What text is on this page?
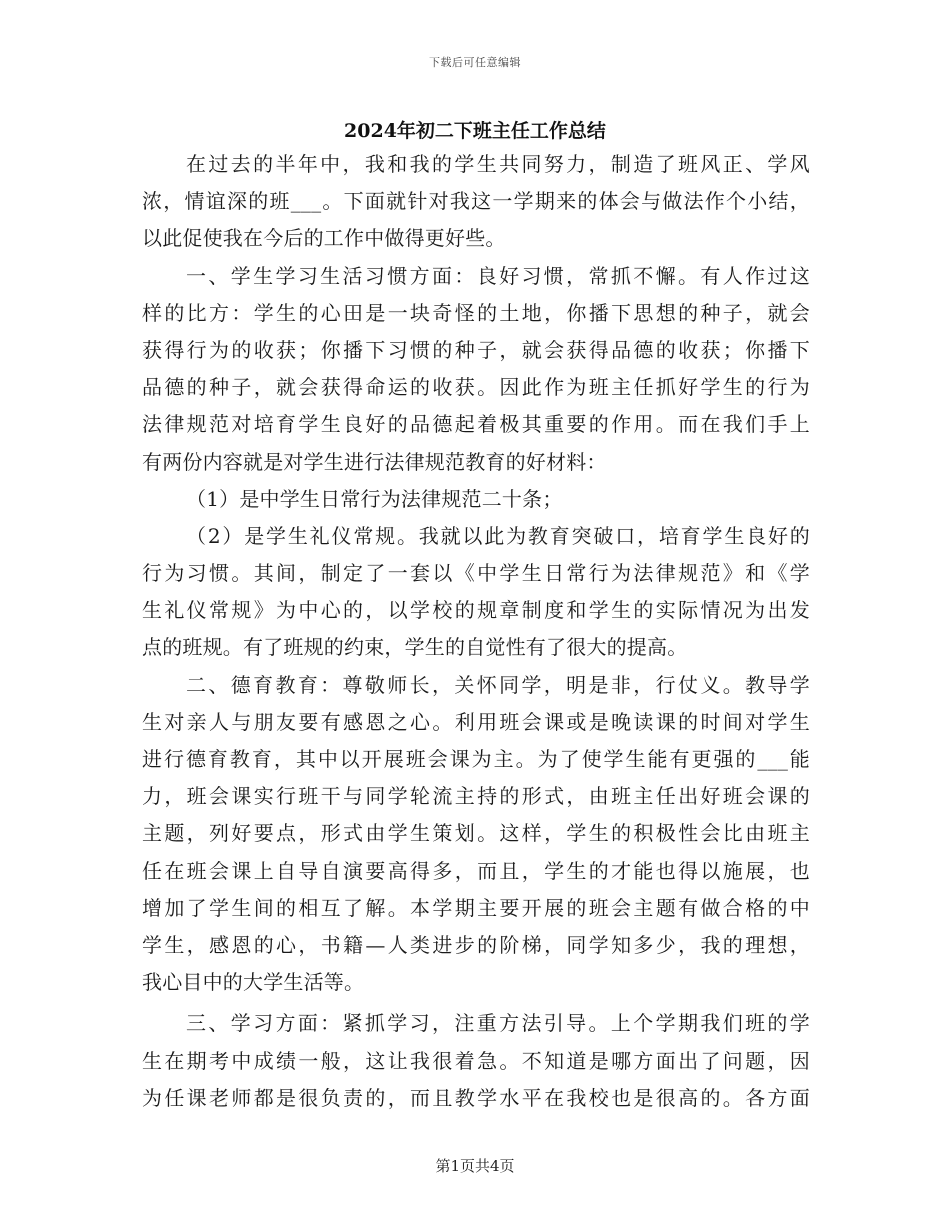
下载后可任意编辑
2024年初二下班主任工作总结
在过去的半年中，我和我的学生共同努力，制造了班风正、学风
浓，情谊深的班___。下面就针对我这一学期来的体会与做法作个小结，
以此促使我在今后的工作中做得更好些。
一、学生学习生活习惯方面：良好习惯，常抓不懈。有人作过这
样的比方：学生的心田是一块奇怪的土地，你播下思想的种子，就会
获得行为的收获；你播下习惯的种子，就会获得品德的收获；你播下
品德的种子，就会获得命运的收获。因此作为班主任抓好学生的行为
法律规范对培育学生良好的品德起着极其重要的作用。而在我们手上
有两份内容就是对学生进行法律规范教育的好材料：
（1）是中学生日常行为法律规范二十条；
（2）是学生礼仪常规。我就以此为教育突破口，培育学生良好的
行为习惯。其间，制定了一套以《中学生日常行为法律规范》和《学
生礼仪常规》为中心的，以学校的规章制度和学生的实际情况为出发
点的班规。有了班规的约束，学生的自觉性有了很大的提高。
二、德育教育：尊敬师长，关怀同学，明是非，行仗义。教导学
生对亲人与朋友要有感恩之心。利用班会课或是晚读课的时间对学生
进行德育教育，其中以开展班会课为主。为了使学生能有更强的___能
力，班会课实行班干与同学轮流主持的形式，由班主任出好班会课的
主题，列好要点，形式由学生策划。这样，学生的积极性会比由班主
任在班会课上自导自演要高得多，而且，学生的才能也得以施展，也
增加了学生间的相互了解。本学期主要开展的班会主题有做合格的中
学生，感恩的心，书籍—人类进步的阶梯，同学知多少，我的理想，
我心目中的大学生活等。
三、学习方面：紧抓学习，注重方法引导。上个学期我们班的学
生在期考中成绩一般，这让我很着急。不知道是哪方面出了问题，因
为任课老师都是很负责的，而且教学水平在我校也是很高的。各方面
第1页共4页
